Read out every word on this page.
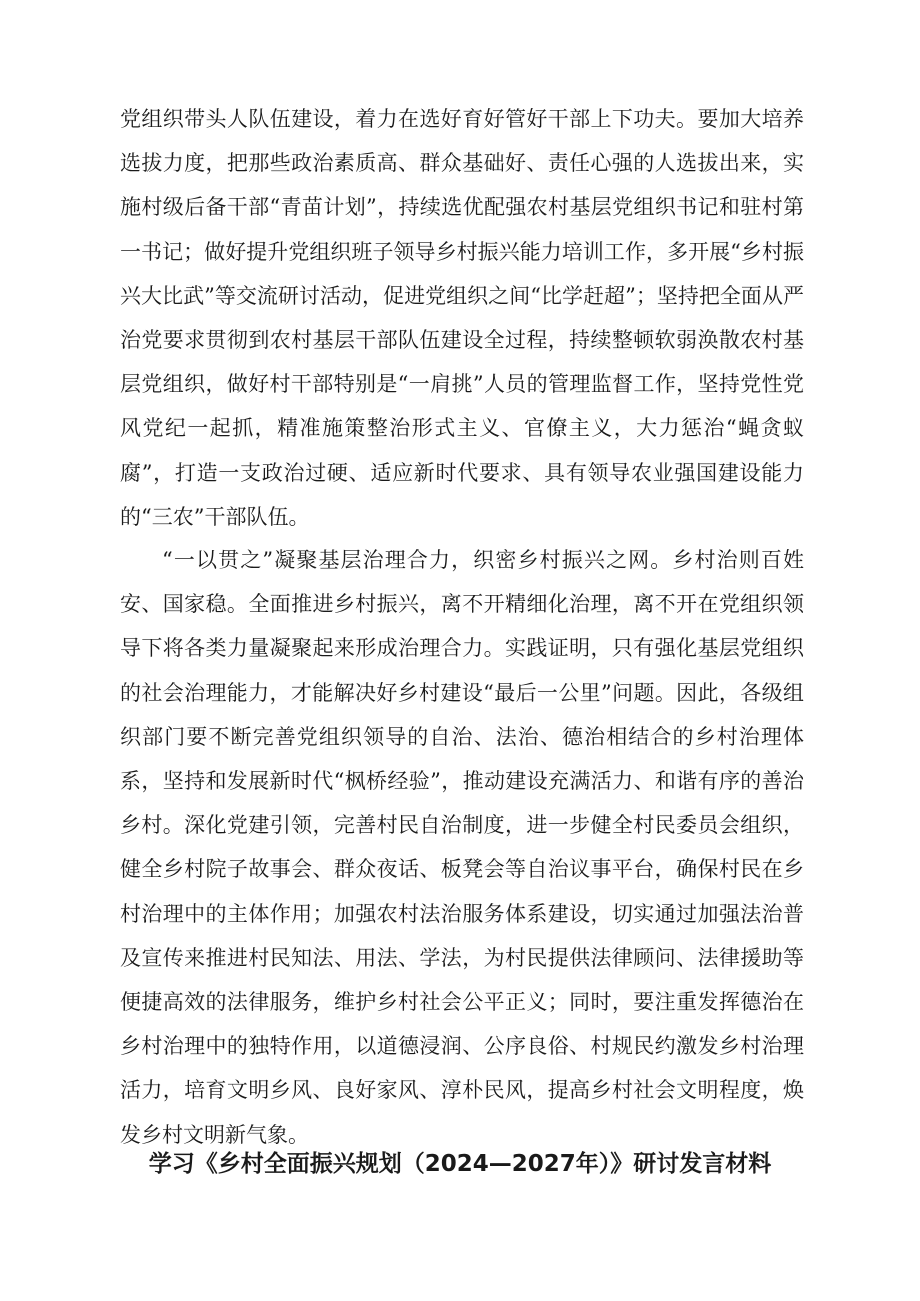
党组织带头人队伍建设，着力在选好育好管好干部上下功夫。要加大培养选拔力度，把那些政治素质高、群众基础好、责任心强的人选拔出来，实施村级后备干部“青苗计划”，持续选优配强农村基层党组织书记和驻村第一书记；做好提升党组织班子领导乡村振兴能力培训工作，多开展“乡村振兴大比武”等交流研讨活动，促进党组织之间“比学赶超”；坚持把全面从严治党要求贯彻到农村基层干部队伍建设全过程，持续整顿软弱涣散农村基层党组织，做好村干部特别是“一肩挑”人员的管理监督工作，坚持党性党风党纪一起抓，精准施策整治形式主义、官僚主义，大力惩治“蝇贪蚁腐”，打造一支政治过硬、适应新时代要求、具有领导农业强国建设能力的“三农”干部队伍。

“一以贯之”凝聚基层治理合力，织密乡村振兴之网。乡村治则百姓安、国家稳。全面推进乡村振兴，离不开精细化治理，离不开在党组织领导下将各类力量凝聚起来形成治理合力。实践证明，只有强化基层党组织的社会治理能力，才能解决好乡村建设“最后一公里”问题。因此，各级组织部门要不断完善党组织领导的自治、法治、德治相结合的乡村治理体系，坚持和发展新时代“枫桥经验”，推动建设充满活力、和谐有序的善治乡村。深化党建引领，完善村民自治制度，进一步健全村民委员会组织，健全乡村院子故事会、群众夜话、板凳会等自治议事平台，确保村民在乡村治理中的主体作用；加强农村法治服务体系建设，切实通过加强法治普及宣传来推进村民知法、用法、学法，为村民提供法律顾问、法律援助等便捷高效的法律服务，维护乡村社会公平正义；同时，要注重发挥德治在乡村治理中的独特作用，以道德浸润、公序良俗、村规民约激发乡村治理活力，培育文明乡风、良好家风、淳朴民风，提高乡村社会文明程度，焕发乡村文明新气象。

学习《乡村全面振兴规划（2024—2027年）》研讨发言材料
